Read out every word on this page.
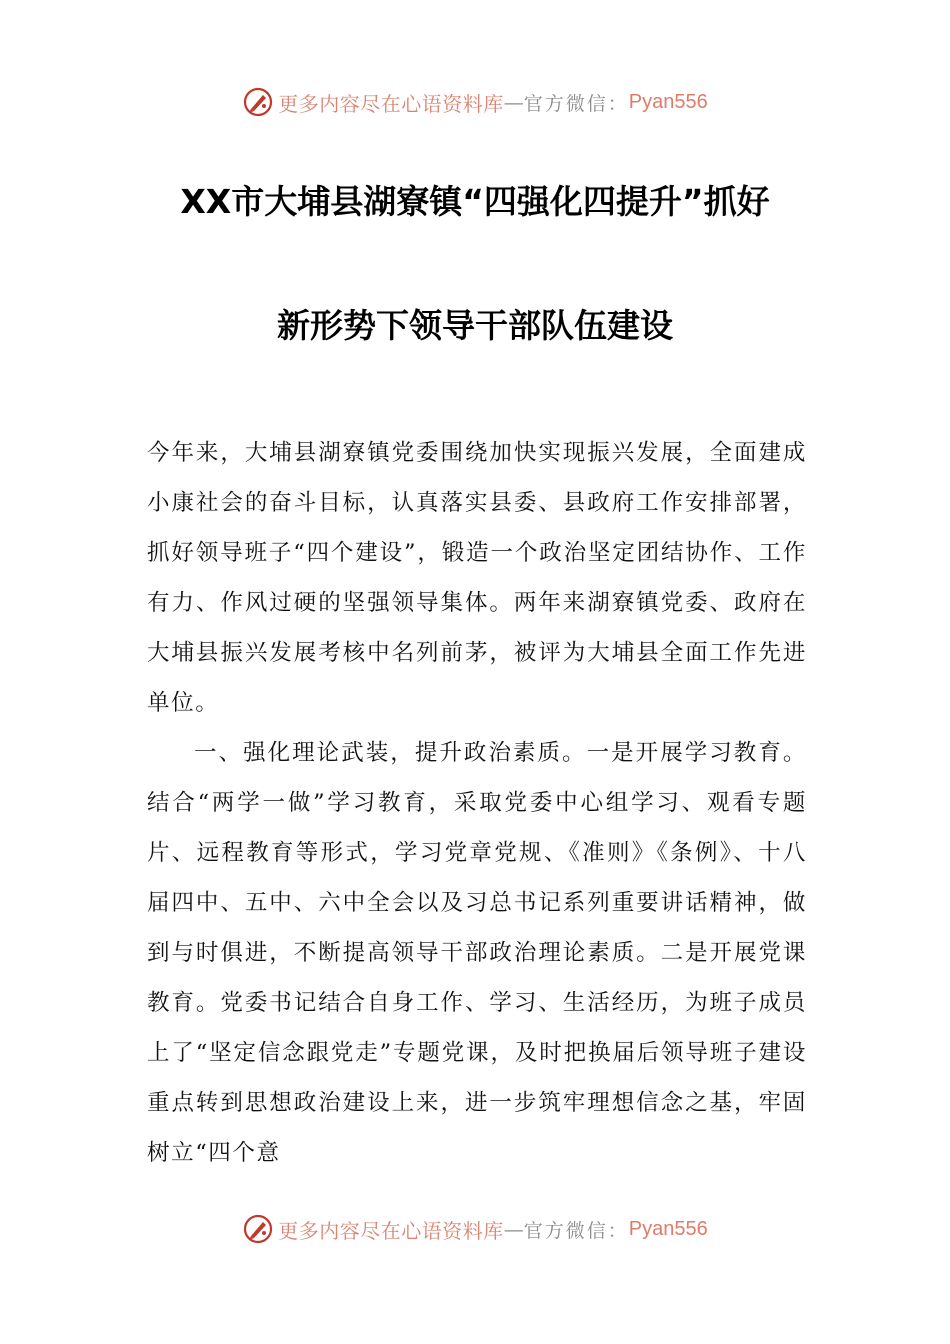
更多内容尽在心语资料库 — 官方微信： Pyan556
XX市大埔县湖寮镇“四强化四提升”抓好
新形势下领导干部队伍建设

今年来，大埔县湖寮镇党委围绕加快实现振兴发展，全面建成小康社会的奋斗目标，认真落实县委、县政府工作安排部署，抓好领导班子“四个建设”，锻造一个政治坚定团结协作、工作有力、作风过硬的坚强领导集体。两年来湖寮镇党委、政府在大埔县振兴发展考核中名列前茅，被评为大埔县全面工作先进单位。

一、强化理论武装，提升政治素质。一是开展学习教育。结合“两学一做”学习教育，采取党委中心组学习、观看专题片、远程教育等形式，学习党章党规、《准则》《条例》、十八届四中、五中、六中全会以及习总书记系列重要讲话精神，做到与时俱进，不断提高领导干部政治理论素质。二是开展党课教育。党委书记结合自身工作、学习、生活经历，为班子成员上了“坚定信念跟党走”专题党课，及时把换届后领导班子建设重点转到思想政治建设上来，进一步筑牢理想信念之基，牢固树立“四个意

更多内容尽在心语资料库 — 官方微信： Pyan556
